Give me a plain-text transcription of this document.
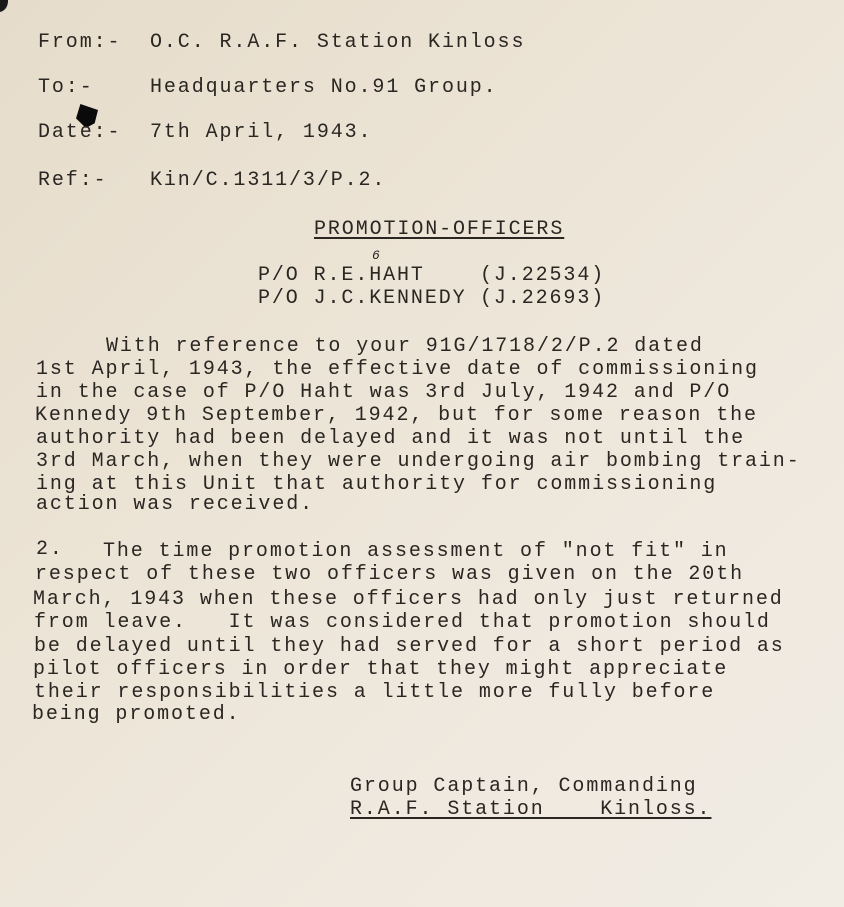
From:- O.C. R.A.F. Station Kinloss
To:-	Headquarters No.91 Group.
Date:- 7th April, 1943.
Ref:- Kin/C.1311/3/P.2.
PROMOTION-OFFICERS
6
P/O R.E.HAHT	(J.22534)
P/O J.C.KENNEDY (J.22693)
With reference to your 91G/1718/2/P.2 dated
1st April, 1943, the effective date of commissioning
in the case of P/O Haht was 3rd July, 1942 and P/O
Kennedy 9th September, 1942, but for some reason the
authority had been delayed and it was not until the
3rd March, when they were undergoing air bombing train-
ing at this Unit that authority for commissioning
action was received.
2. The time promotion assessment of "not fit" in
respect of these two officers was given on the 20th
March, 1943 when these officers had only just returned
from leave.   It was considered that promotion should
be delayed until they had served for a short period as
pilot officers in order that they might appreciate
their responsibilities a little more fully before
being promoted.
Group Captain, Commanding
R.A.F. Station    Kinloss.
